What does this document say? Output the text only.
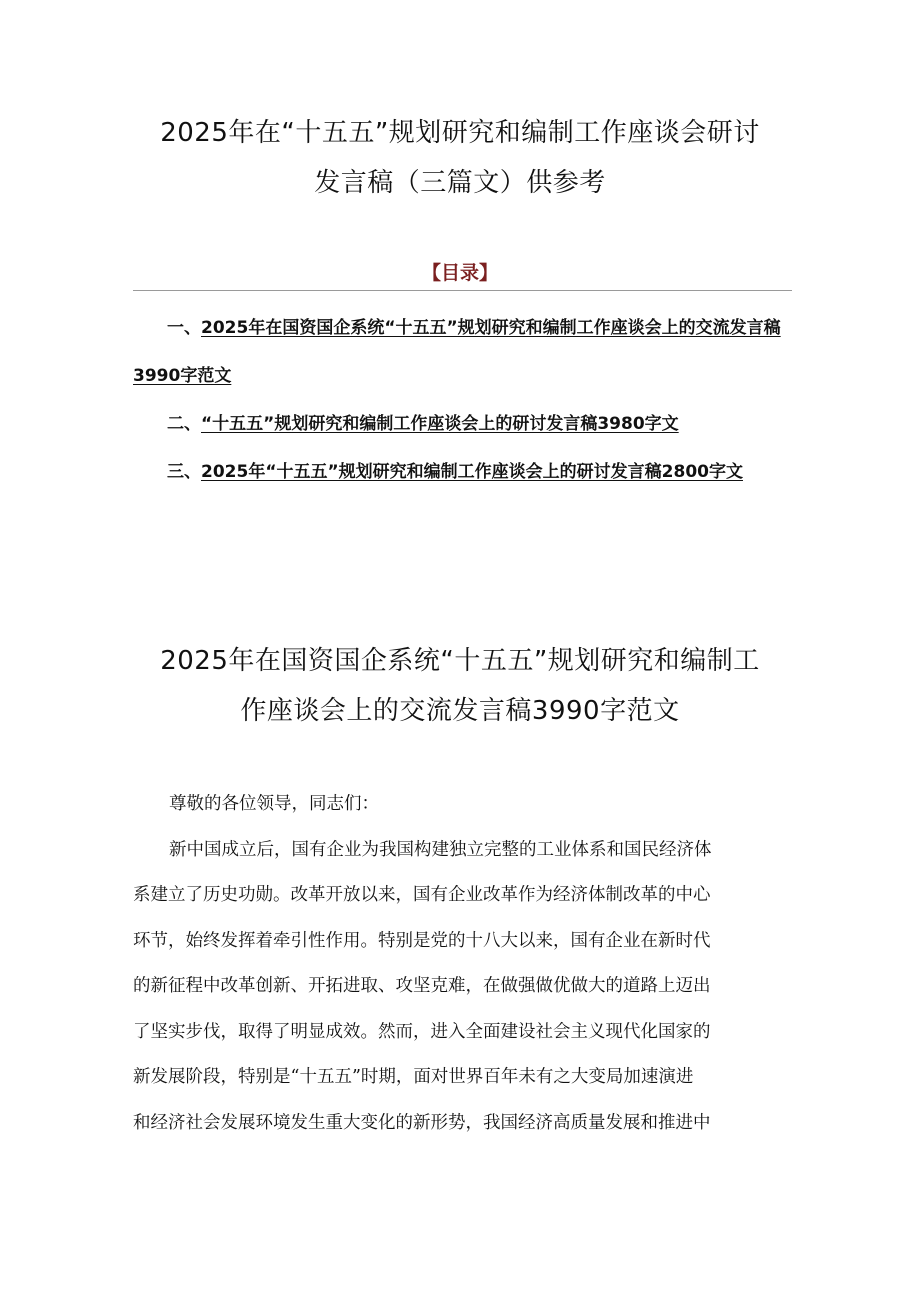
2025年在“十五五”规划研究和编制工作座谈会研讨
发言稿（三篇文）供参考
【目录】

一、2025年在国资国企系统“十五五”规划研究和编制工作座谈会上的交流发言稿3990字范文

二、“十五五”规划研究和编制工作座谈会上的研讨发言稿3980字文

三、2025年“十五五”规划研究和编制工作座谈会上的研讨发言稿2800字文

2025年在国资国企系统“十五五”规划研究和编制工
作座谈会上的交流发言稿3990字范文

尊敬的各位领导，同志们：

新中国成立后，国有企业为我国构建独立完整的工业体系和国民经济体
系建立了历史功勋。改革开放以来，国有企业改革作为经济体制改革的中心
环节，始终发挥着牵引性作用。特别是党的十八大以来，国有企业在新时代
的新征程中改革创新、开拓进取、攻坚克难，在做强做优做大的道路上迈出
了坚实步伐，取得了明显成效。然而，进入全面建设社会主义现代化国家的
新发展阶段，特别是“十五五”时期，面对世界百年未有之大变局加速演进
和经济社会发展环境发生重大变化的新形势，我国经济高质量发展和推进中
